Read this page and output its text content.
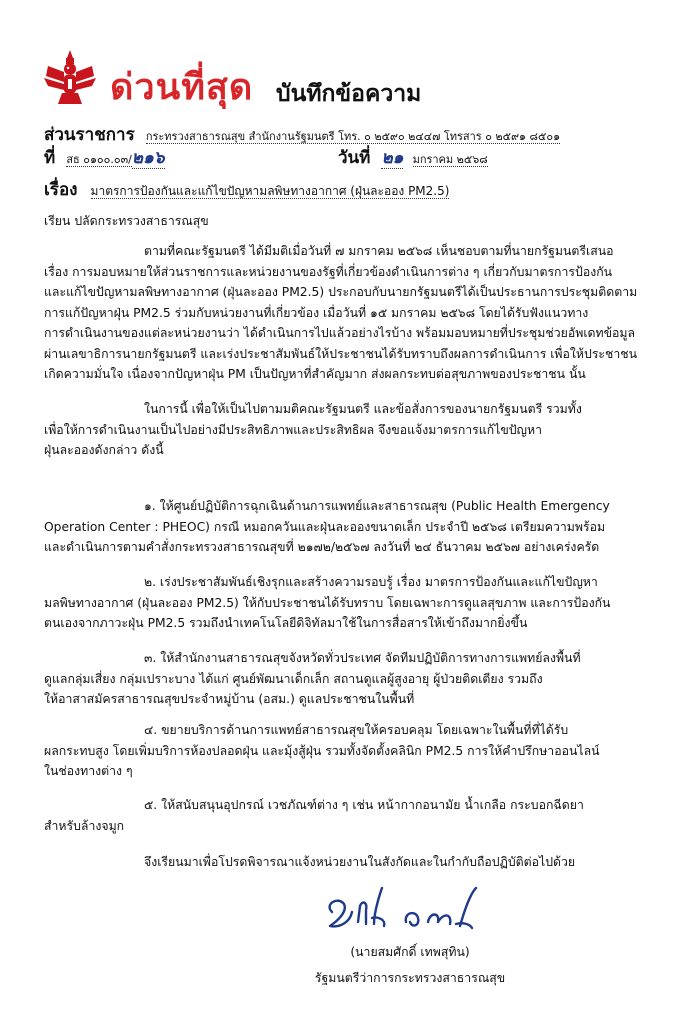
ด่วนที่สุด บันทึกข้อความ
ส่วนราชการ กระทรวงสาธารณสุข สำนักงานรัฐมนตรี โทร. ๐ ๒๕๙๐ ๒๔๔๗ โทรสาร ๐ ๒๕๙๑ ๘๕๐๑
ที่ สธ ๐๑๐๐.๐๓/๒๑๖	วันที่ ๒๑ มกราคม ๒๕๖๘
เรื่อง มาตรการป้องกันและแก้ไขปัญหามลพิษทางอากาศ (ฝุ่นละออง PM2.5)
เรียน ปลัดกระทรวงสาธารณสุข
ตามที่คณะรัฐมนตรี ได้มีมติเมื่อวันที่ ๗ มกราคม ๒๕๖๘ เห็นชอบตามที่นายกรัฐมนตรีเสนอ
เรื่อง การมอบหมายให้ส่วนราชการและหน่วยงานของรัฐที่เกี่ยวข้องดำเนินการต่าง ๆ เกี่ยวกับมาตรการป้องกัน
และแก้ไขปัญหามลพิษทางอากาศ (ฝุ่นละออง PM2.5) ประกอบกับนายกรัฐมนตรีได้เป็นประธานการประชุมติดตาม
การแก้ปัญหาฝุ่น PM2.5 ร่วมกับหน่วยงานที่เกี่ยวข้อง เมื่อวันที่ ๑๕ มกราคม ๒๕๖๘ โดยได้รับฟังแนวทาง
การดำเนินงานของแต่ละหน่วยงานว่า ได้ดำเนินการไปแล้วอย่างไรบ้าง พร้อมมอบหมายที่ประชุมช่วยอัพเดทข้อมูล
ผ่านเลขาธิการนายกรัฐมนตรี และเร่งประชาสัมพันธ์ให้ประชาชนได้รับทราบถึงผลการดำเนินการ เพื่อให้ประชาชน
เกิดความมั่นใจ เนื่องจากปัญหาฝุ่น PM เป็นปัญหาที่สำคัญมาก ส่งผลกระทบต่อสุขภาพของประชาชน นั้น
ในการนี้ เพื่อให้เป็นไปตามมติคณะรัฐมนตรี และข้อสั่งการของนายกรัฐมนตรี รวมทั้ง
เพื่อให้การดำเนินงานเป็นไปอย่างมีประสิทธิภาพและประสิทธิผล จึงขอแจ้งมาตรการแก้ไขปัญหา
ฝุ่นละอองดังกล่าว ดังนี้
๑. ให้ศูนย์ปฏิบัติการฉุกเฉินด้านการแพทย์และสาธารณสุข (Public Health Emergency
Operation Center : PHEOC) กรณี หมอกควันและฝุ่นละอองขนาดเล็ก ประจำปี ๒๕๖๘ เตรียมความพร้อม
และดำเนินการตามคำสั่งกระทรวงสาธารณสุขที่ ๒๑๗๒/๒๕๖๗ ลงวันที่ ๒๔ ธันวาคม ๒๕๖๗ อย่างเคร่งครัด
๒. เร่งประชาสัมพันธ์เชิงรุกและสร้างความรอบรู้ เรื่อง มาตรการป้องกันและแก้ไขปัญหา
มลพิษทางอากาศ (ฝุ่นละออง PM2.5) ให้กับประชาชนได้รับทราบ โดยเฉพาะการดูแลสุขภาพ และการป้องกัน
ตนเองจากภาวะฝุ่น PM2.5 รวมถึงนำเทคโนโลยีดิจิทัลมาใช้ในการสื่อสารให้เข้าถึงมากยิ่งขึ้น
๓. ให้สำนักงานสาธารณสุขจังหวัดทั่วประเทศ จัดทีมปฏิบัติการทางการแพทย์ลงพื้นที่
ดูแลกลุ่มเสี่ยง กลุ่มเปราะบาง ได้แก่ ศูนย์พัฒนาเด็กเล็ก สถานดูแลผู้สูงอายุ ผู้ป่วยติดเตียง รวมถึง
ให้อาสาสมัครสาธารณสุขประจำหมู่บ้าน (อสม.) ดูแลประชาชนในพื้นที่
๔. ขยายบริการด้านการแพทย์สาธารณสุขให้ครอบคลุม โดยเฉพาะในพื้นที่ที่ได้รับ
ผลกระทบสูง โดยเพิ่มบริการห้องปลอดฝุ่น และมุ้งสู้ฝุ่น รวมทั้งจัดตั้งคลินิก PM2.5 การให้คำปรึกษาออนไลน์
ในช่องทางต่าง ๆ
๕. ให้สนับสนุนอุปกรณ์ เวชภัณฑ์ต่าง ๆ เช่น หน้ากากอนามัย น้ำเกลือ กระบอกฉีดยา
สำหรับล้างจมูก
จึงเรียนมาเพื่อโปรดพิจารณาแจ้งหน่วยงานในสังกัดและในกำกับถือปฏิบัติต่อไปด้วย
(นายสมศักดิ์ เทพสุทิน)
รัฐมนตรีว่าการกระทรวงสาธารณสุข
